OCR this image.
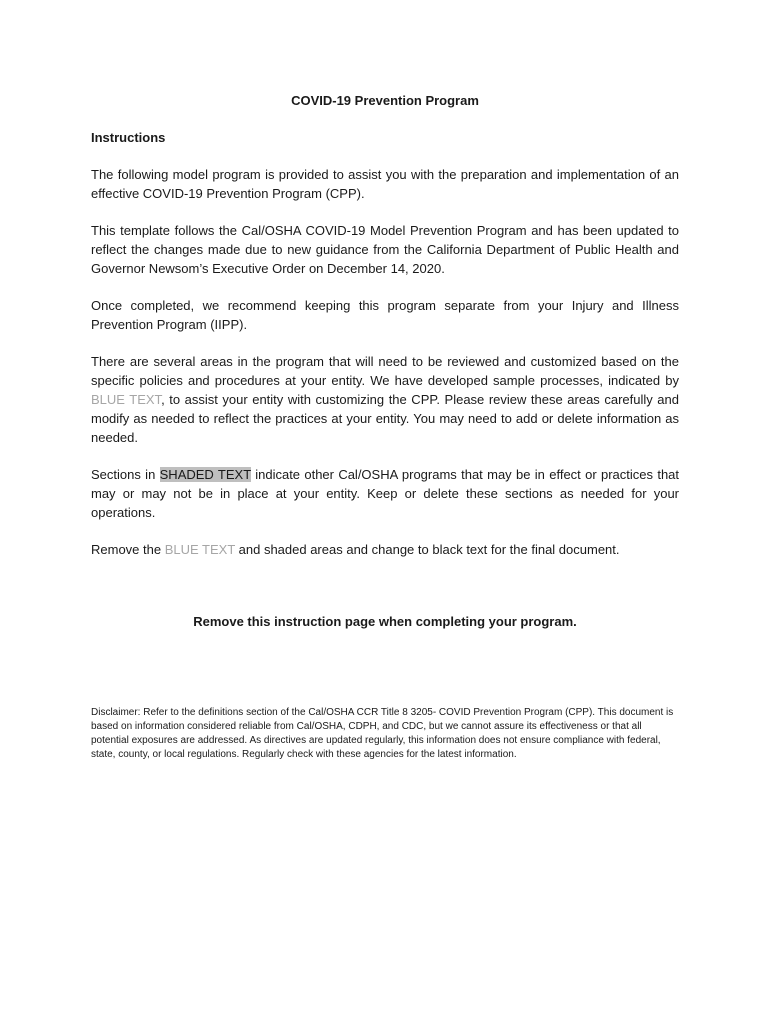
COVID-19 Prevention Program
Instructions

The following model program is provided to assist you with the preparation and implementation of an effective COVID-19 Prevention Program (CPP).

This template follows the Cal/OSHA COVID-19 Model Prevention Program and has been updated to reflect the changes made due to new guidance from the California Department of Public Health and Governor Newsom’s Executive Order on December 14, 2020.

Once completed, we recommend keeping this program separate from your Injury and Illness Prevention Program (IIPP).

There are several areas in the program that will need to be reviewed and customized based on the specific policies and procedures at your entity. We have developed sample processes, indicated by BLUE TEXT, to assist your entity with customizing the CPP. Please review these areas carefully and modify as needed to reflect the practices at your entity. You may need to add or delete information as needed.

Sections in SHADED TEXT indicate other Cal/OSHA programs that may be in effect or practices that may or may not be in place at your entity. Keep or delete these sections as needed for your operations.

Remove the BLUE TEXT and shaded areas and change to black text for the final document.

Remove this instruction page when completing your program.
Disclaimer: Refer to the definitions section of the Cal/OSHA CCR Title 8 3205- COVID Prevention Program (CPP). This document is based on information considered reliable from Cal/OSHA, CDPH, and CDC, but we cannot assure its effectiveness or that all potential exposures are addressed. As directives are updated regularly, this information does not ensure compliance with federal, state, county, or local regulations. Regularly check with these agencies for the latest information.
